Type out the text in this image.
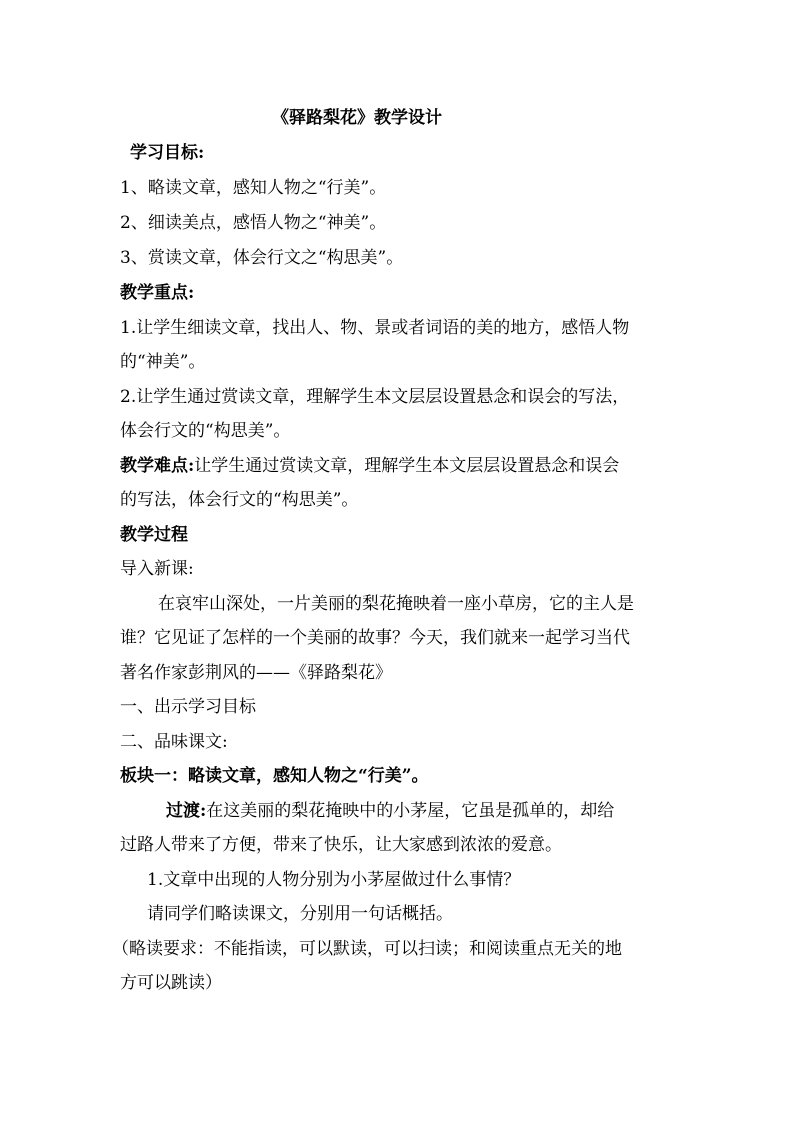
《驿路梨花》教学设计
学习目标:
1、略读文章，感知人物之“行美”。
2、细读美点，感悟人物之“神美”。
3、赏读文章，体会行文之“构思美”。
教学重点:
1.让学生细读文章，找出人、物、景或者词语的美的地方，感悟人物
的“神美”。
2.让学生通过赏读文章，理解学生本文层层设置悬念和误会的写法，
体会行文的“构思美”。
教学难点:让学生通过赏读文章，理解学生本文层层设置悬念和误会
的写法，体会行文的“构思美”。
教学过程
导入新课:
在哀牢山深处，一片美丽的梨花掩映着一座小草房，它的主人是
谁？它见证了怎样的一个美丽的故事？今天，我们就来一起学习当代
著名作家彭荆风的——《驿路梨花》
一、出示学习目标
二、品味课文:
板块一：略读文章，感知人物之“行美”。
过渡:在这美丽的梨花掩映中的小茅屋，它虽是孤单的，却给
过路人带来了方便，带来了快乐，让大家感到浓浓的爱意。
1.文章中出现的人物分别为小茅屋做过什么事情？
请同学们略读课文，分别用一句话概括。
（略读要求：不能指读，可以默读，可以扫读；和阅读重点无关的地
方可以跳读）
